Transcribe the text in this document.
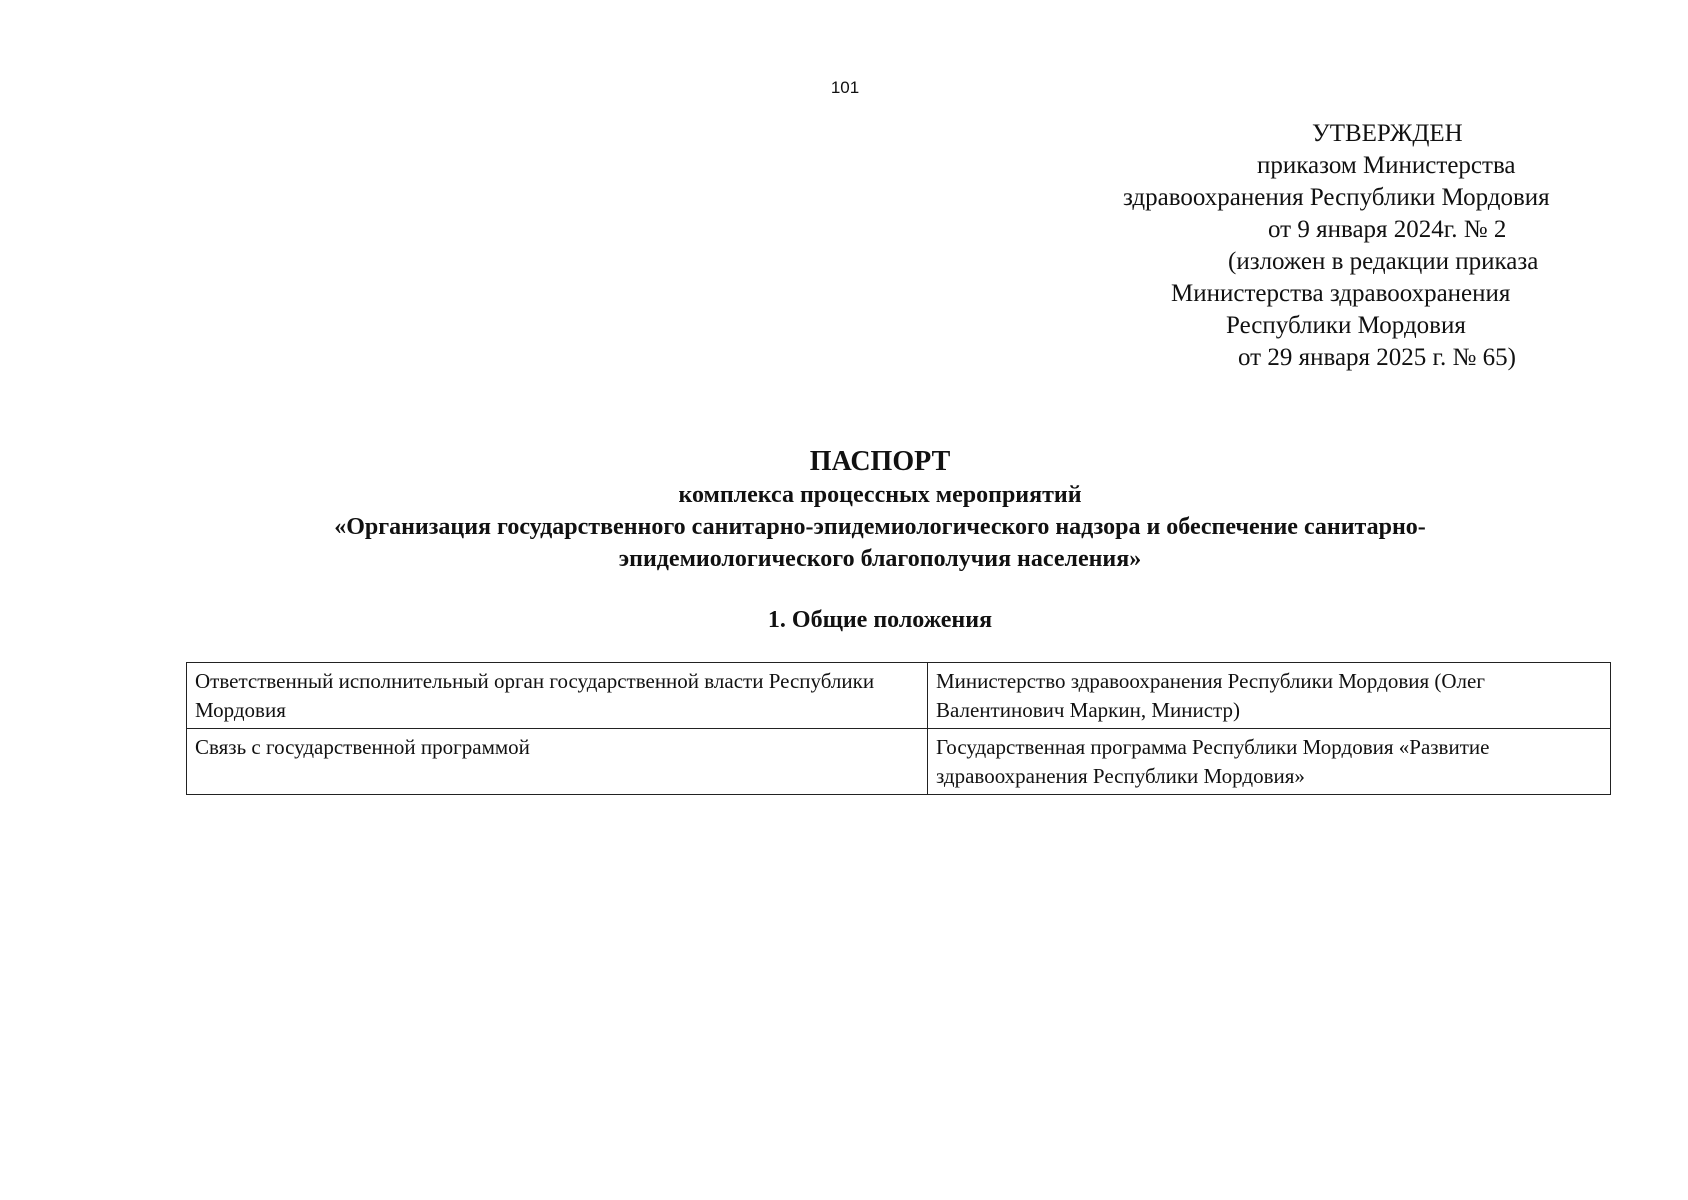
101
УТВЕРЖДЕН
приказом Министерства
здравоохранения Республики Мордовия
от 9 января 2024г. № 2
(изложен в редакции приказа
Министерства здравоохранения
Республики Мордовия
от 29 января 2025 г. № 65)

ПАСПОРТ

комплекса процессных мероприятий

«Организация государственного санитарно-эпидемиологического надзора и обеспечение санитарно-

эпидемиологического благополучия населения»

1. Общие положения

Ответственный исполнительный орган государственной власти Республики Мордовия	Министерство здравоохранения Республики Мордовия (Олег Валентинович Маркин, Министр)
Связь с государственной программой	Государственная программа Республики Мордовия «Развитие здравоохранения Республики Мордовия»
